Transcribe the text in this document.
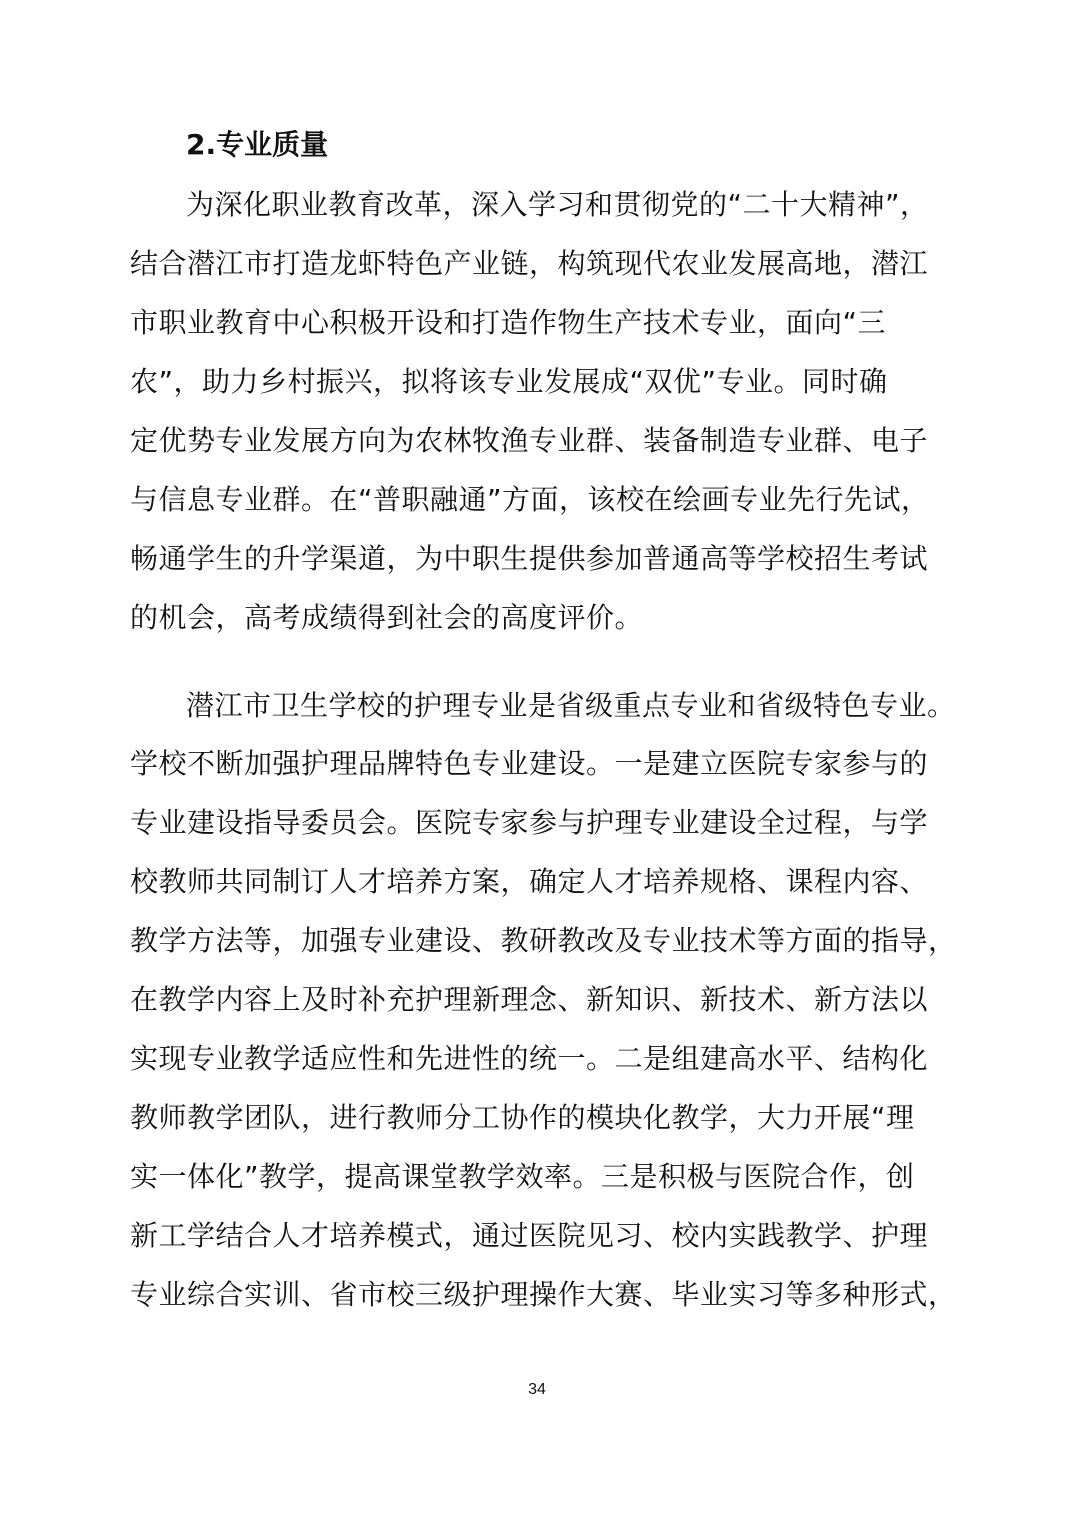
2.专业质量
为深化职业教育改革，深入学习和贯彻党的“二十大精神”，
结合潜江市打造龙虾特色产业链，构筑现代农业发展高地，潜江
市职业教育中心积极开设和打造作物生产技术专业，面向“三
农”，助力乡村振兴，拟将该专业发展成“双优”专业。同时确
定优势专业发展方向为农林牧渔专业群、装备制造专业群、电子
与信息专业群。在“普职融通”方面，该校在绘画专业先行先试，
畅通学生的升学渠道，为中职生提供参加普通高等学校招生考试
的机会，高考成绩得到社会的高度评价。
潜江市卫生学校的护理专业是省级重点专业和省级特色专业。
学校不断加强护理品牌特色专业建设。一是建立医院专家参与的
专业建设指导委员会。医院专家参与护理专业建设全过程，与学
校教师共同制订人才培养方案，确定人才培养规格、课程内容、
教学方法等，加强专业建设、教研教改及专业技术等方面的指导，
在教学内容上及时补充护理新理念、新知识、新技术、新方法以
实现专业教学适应性和先进性的统一。二是组建高水平、结构化
教师教学团队，进行教师分工协作的模块化教学，大力开展“理
实一体化”教学，提高课堂教学效率。三是积极与医院合作，创
新工学结合人才培养模式，通过医院见习、校内实践教学、护理
专业综合实训、省市校三级护理操作大赛、毕业实习等多种形式，
34
